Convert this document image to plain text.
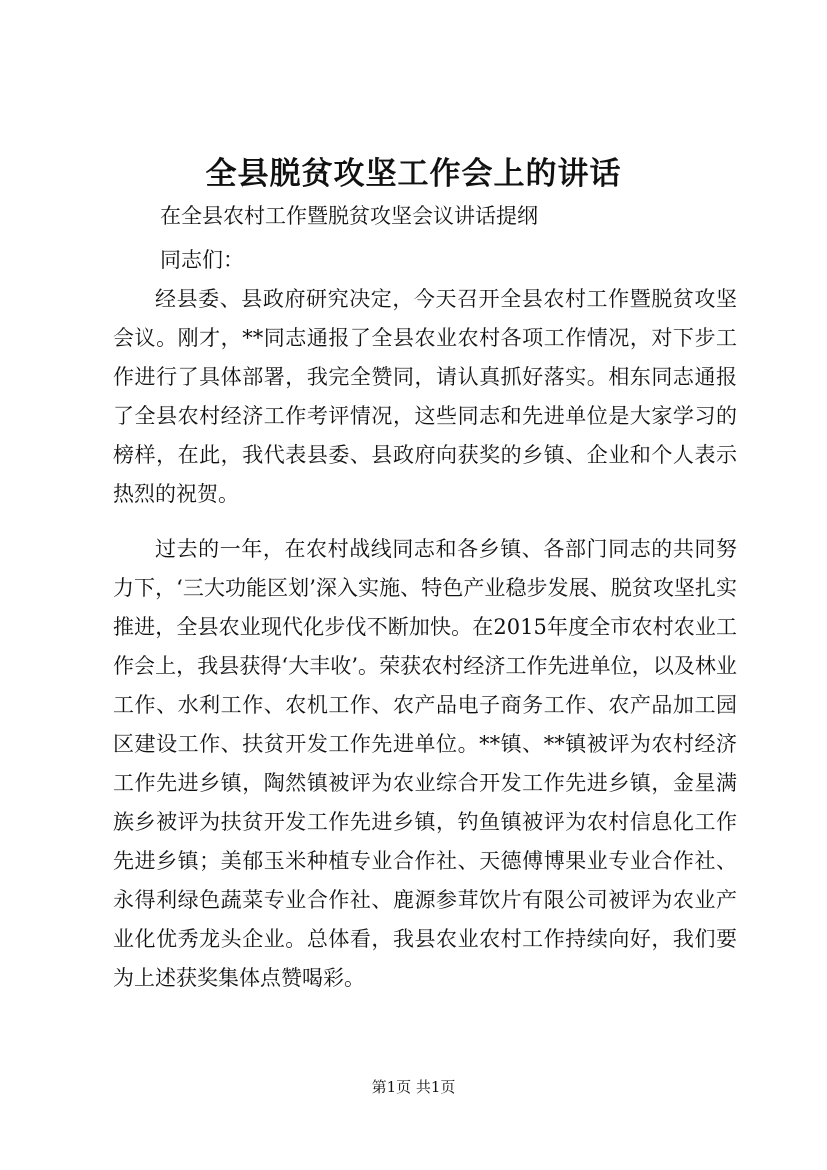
全县脱贫攻坚工作会上的讲话
在全县农村工作暨脱贫攻坚会议讲话提纲
同志们：

经县委、县政府研究决定，今天召开全县农村工作暨脱贫攻坚会议。刚才，**同志通报了全县农业农村各项工作情况，对下步工作进行了具体部署，我完全赞同，请认真抓好落实。相东同志通报了全县农村经济工作考评情况，这些同志和先进单位是大家学习的榜样，在此，我代表县委、县政府向获奖的乡镇、企业和个人表示热烈的祝贺。

过去的一年，在农村战线同志和各乡镇、各部门同志的共同努力下，‘三大功能区划’深入实施、特色产业稳步发展、脱贫攻坚扎实推进，全县农业现代化步伐不断加快。在2015年度全市农村农业工作会上，我县获得‘大丰收’。荣获农村经济工作先进单位，以及林业工作、水利工作、农机工作、农产品电子商务工作、农产品加工园区建设工作、扶贫开发工作先进单位。**镇、**镇被评为农村经济工作先进乡镇，陶然镇被评为农业综合开发工作先进乡镇，金星满族乡被评为扶贫开发工作先进乡镇，钓鱼镇被评为农村信息化工作先进乡镇；美郁玉米种植专业合作社、天德傅博果业专业合作社、永得利绿色蔬菜专业合作社、鹿源参茸饮片有限公司被评为农业产业化优秀龙头企业。总体看，我县农业农村工作持续向好，我们要为上述获奖集体点赞喝彩。

第1页 共1页
